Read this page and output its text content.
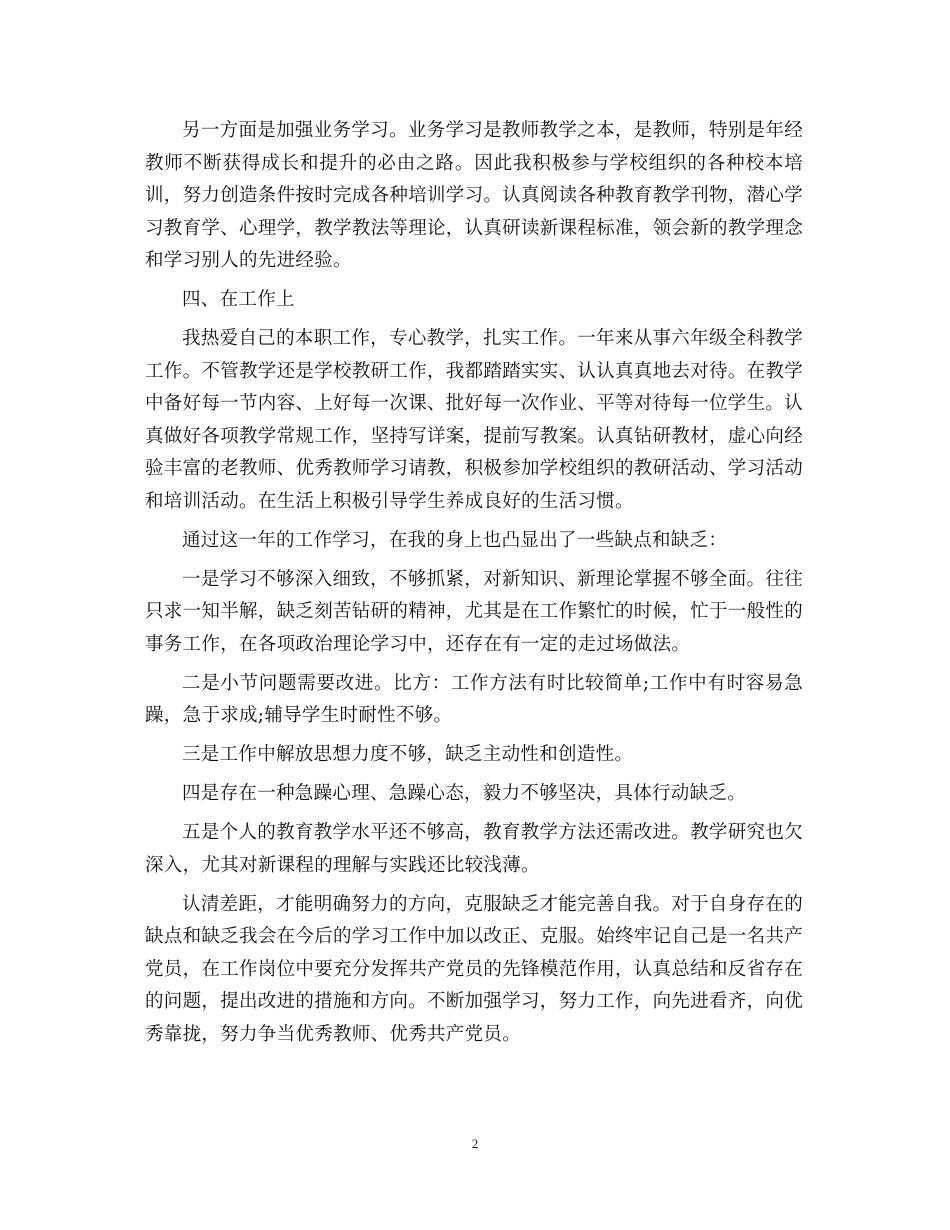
另一方面是加强业务学习。业务学习是教师教学之本，是教师，特别是年经教师不断获得成长和提升的必由之路。因此我积极参与学校组织的各种校本培训，努力创造条件按时完成各种培训学习。认真阅读各种教育教学刊物，潜心学习教育学、心理学，教学教法等理论，认真研读新课程标准，领会新的教学理念和学习别人的先进经验。

四、在工作上

我热爱自己的本职工作，专心教学，扎实工作。一年来从事六年级全科教学工作。不管教学还是学校教研工作，我都踏踏实实、认认真真地去对待。在教学中备好每一节内容、上好每一次课、批好每一次作业、平等对待每一位学生。认真做好各项教学常规工作，坚持写详案，提前写教案。认真钻研教材，虚心向经验丰富的老教师、优秀教师学习请教，积极参加学校组织的教研活动、学习活动和培训活动。在生活上积极引导学生养成良好的生活习惯。

通过这一年的工作学习，在我的身上也凸显出了一些缺点和缺乏：

一是学习不够深入细致，不够抓紧，对新知识、新理论掌握不够全面。往往只求一知半解，缺乏刻苦钻研的精神，尤其是在工作繁忙的时候，忙于一般性的事务工作，在各项政治理论学习中，还存在有一定的走过场做法。

二是小节问题需要改进。比方：工作方法有时比较简单;工作中有时容易急躁，急于求成;辅导学生时耐性不够。

三是工作中解放思想力度不够，缺乏主动性和创造性。

四是存在一种急躁心理、急躁心态，毅力不够坚决，具体行动缺乏。

五是个人的教育教学水平还不够高，教育教学方法还需改进。教学研究也欠深入，尤其对新课程的理解与实践还比较浅薄。

认清差距，才能明确努力的方向，克服缺乏才能完善自我。对于自身存在的缺点和缺乏我会在今后的学习工作中加以改正、克服。始终牢记自己是一名共产党员，在工作岗位中要充分发挥共产党员的先锋模范作用，认真总结和反省存在的问题，提出改进的措施和方向。不断加强学习，努力工作，向先进看齐，向优秀靠拢，努力争当优秀教师、优秀共产党员。

2
